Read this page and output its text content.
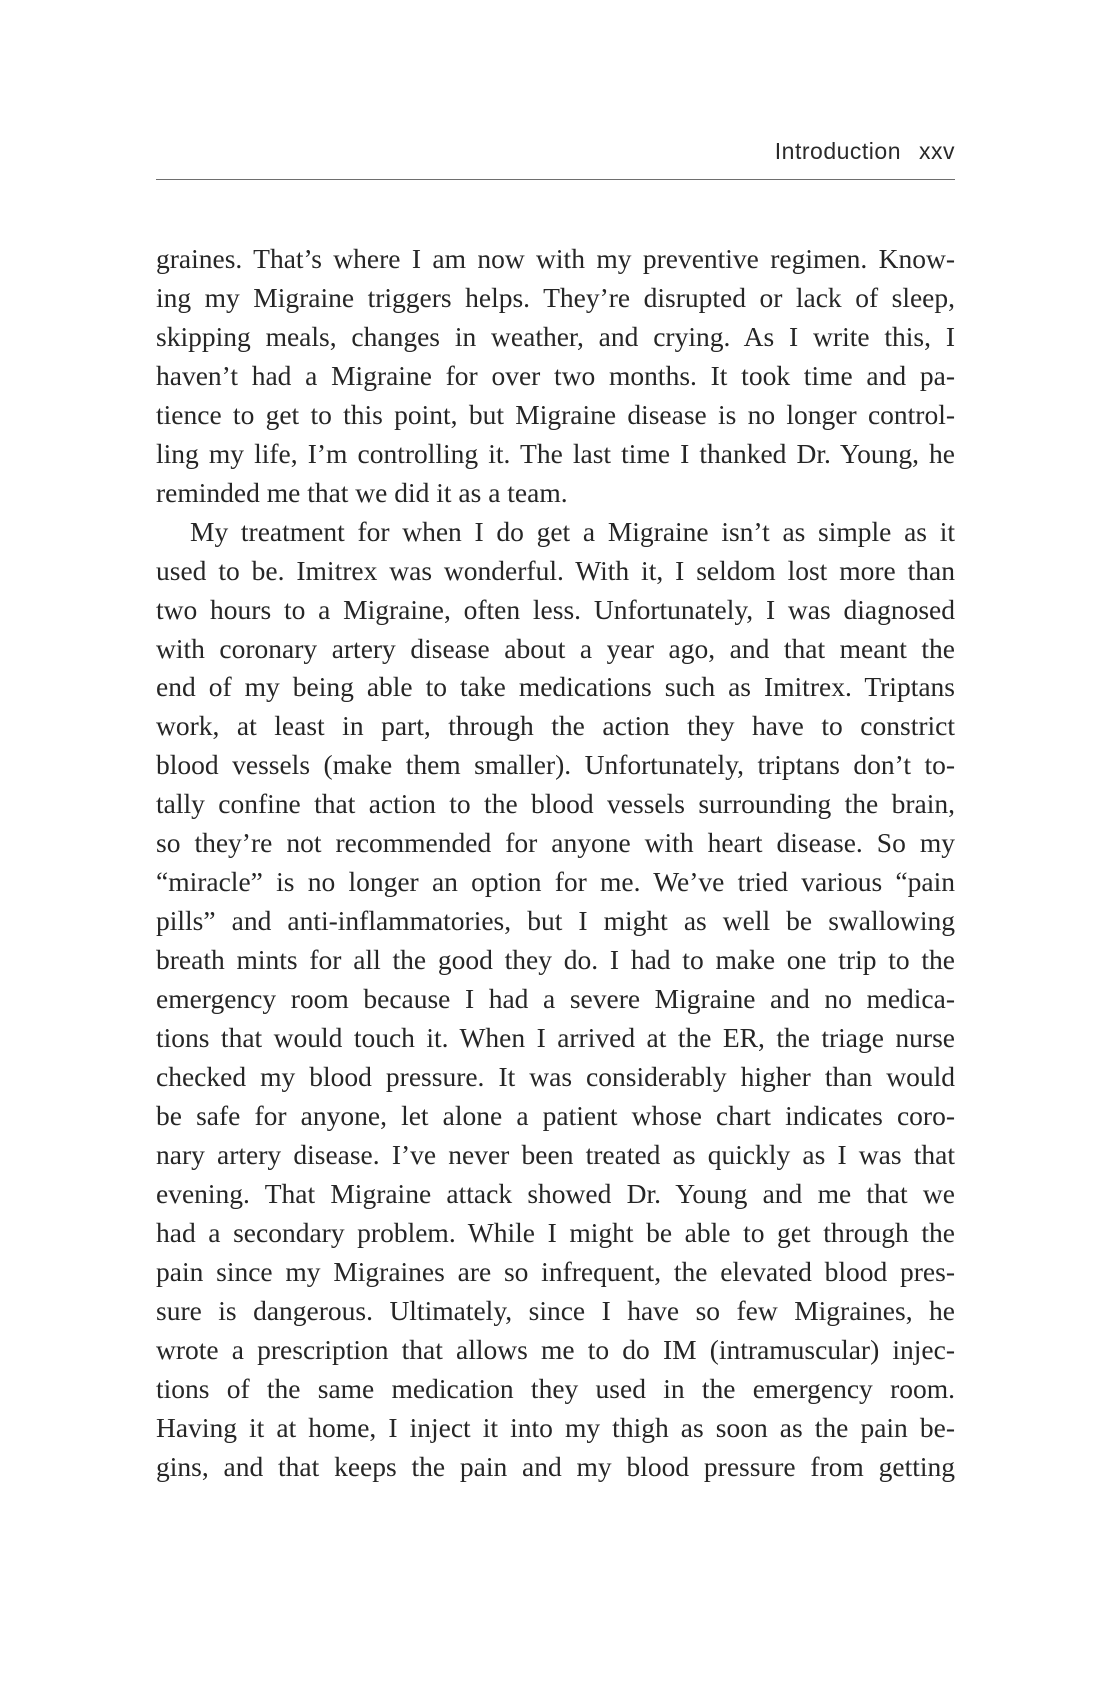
Introduction xxv

graines. That’s where I am now with my preventive regimen. Know-

ing my Migraine triggers helps. They’re disrupted or lack of sleep,

skipping meals, changes in weather, and crying. As I write this, I

haven’t had a Migraine for over two months. It took time and pa-

tience to get to this point, but Migraine disease is no longer control-

ling my life, I’m controlling it. The last time I thanked Dr. Young, he

reminded me that we did it as a team.

My treatment for when I do get a Migraine isn’t as simple as it

used to be. Imitrex was wonderful. With it, I seldom lost more than

two hours to a Migraine, often less. Unfortunately, I was diagnosed

with coronary artery disease about a year ago, and that meant the

end of my being able to take medications such as Imitrex. Triptans

work, at least in part, through the action they have to constrict

blood vessels (make them smaller). Unfortunately, triptans don’t to-

tally confine that action to the blood vessels surrounding the brain,

so they’re not recommended for anyone with heart disease. So my

“miracle” is no longer an option for me. We’ve tried various “pain

pills” and anti-inflammatories, but I might as well be swallowing

breath mints for all the good they do. I had to make one trip to the

emergency room because I had a severe Migraine and no medica-

tions that would touch it. When I arrived at the ER, the triage nurse

checked my blood pressure. It was considerably higher than would

be safe for anyone, let alone a patient whose chart indicates coro-

nary artery disease. I’ve never been treated as quickly as I was that

evening. That Migraine attack showed Dr. Young and me that we

had a secondary problem. While I might be able to get through the

pain since my Migraines are so infrequent, the elevated blood pres-

sure is dangerous. Ultimately, since I have so few Migraines, he

wrote a prescription that allows me to do IM (intramuscular) injec-

tions of the same medication they used in the emergency room.

Having it at home, I inject it into my thigh as soon as the pain be-

gins, and that keeps the pain and my blood pressure from getting
